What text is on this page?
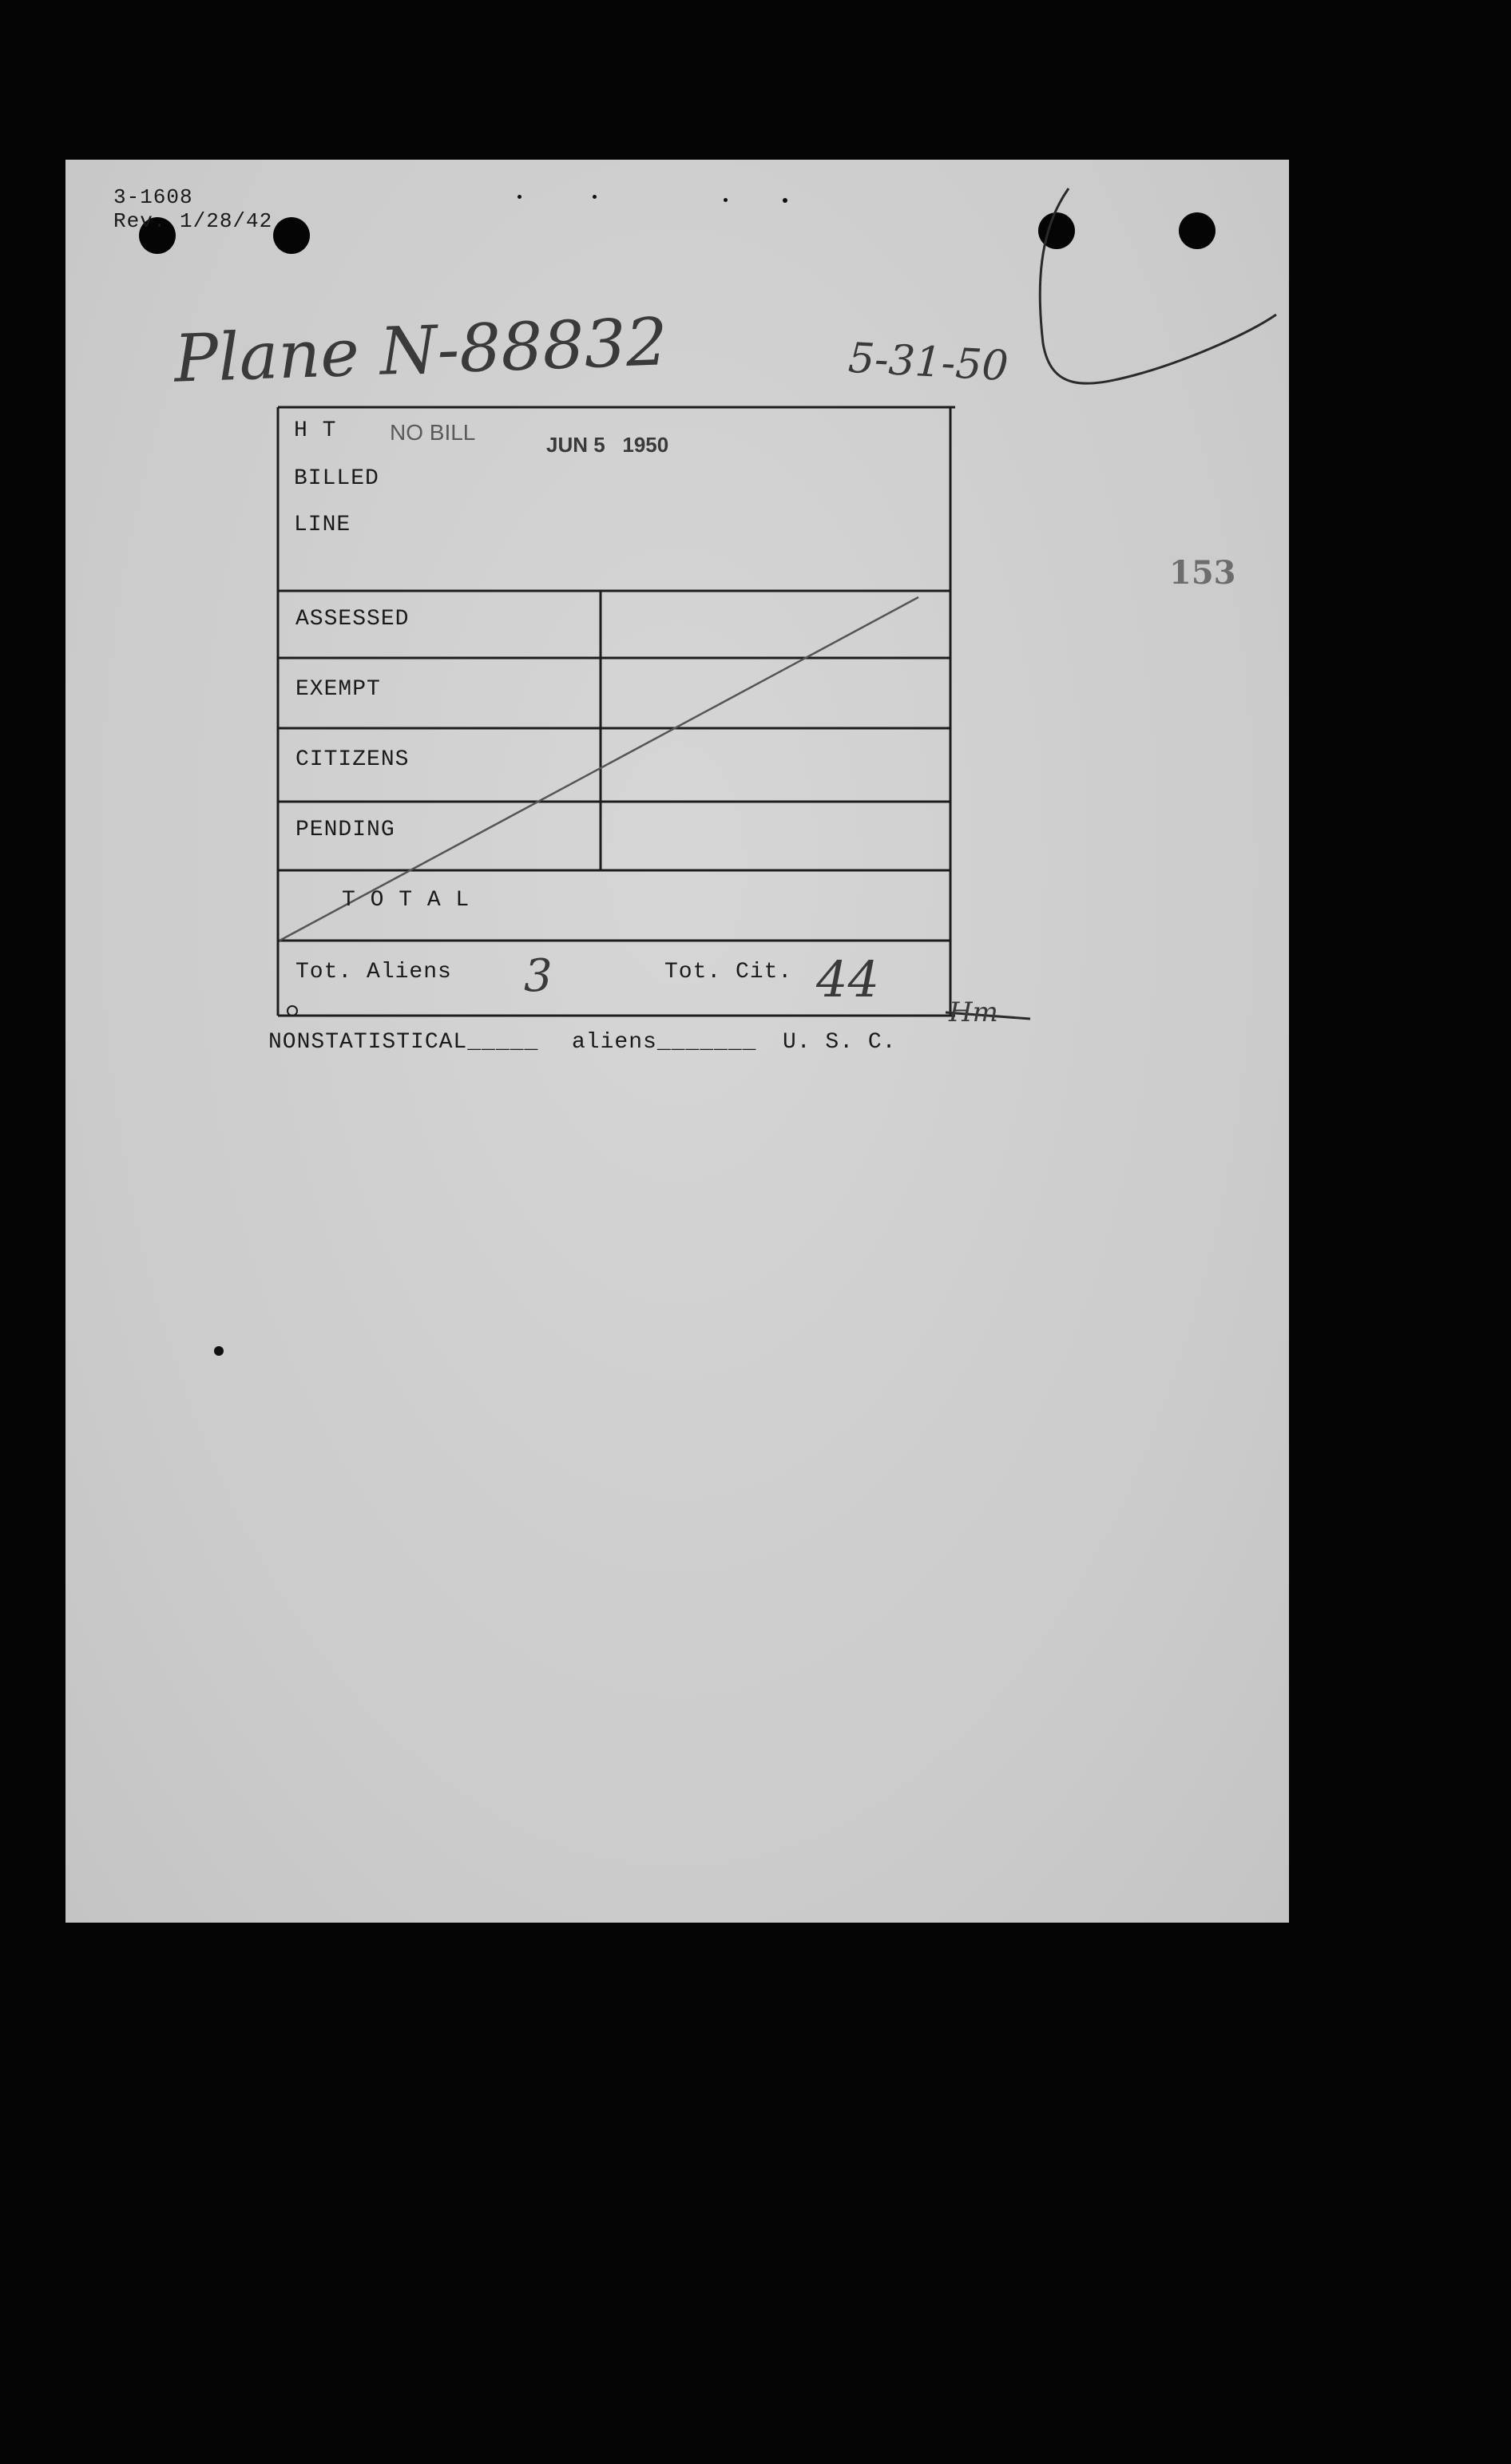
3-1608
Rev. 1/28/42
Plane N-88832	5-31-50
153
H T
BILLED
LINE
NO BILL	JUN 5   1950
ASSESSED
EXEMPT
CITIZENS
PENDING
T O T A L
Tot. Aliens 3	Tot. Cit. 44
Hm
NONSTATISTICAL_____ aliens_______ U. S. C.
